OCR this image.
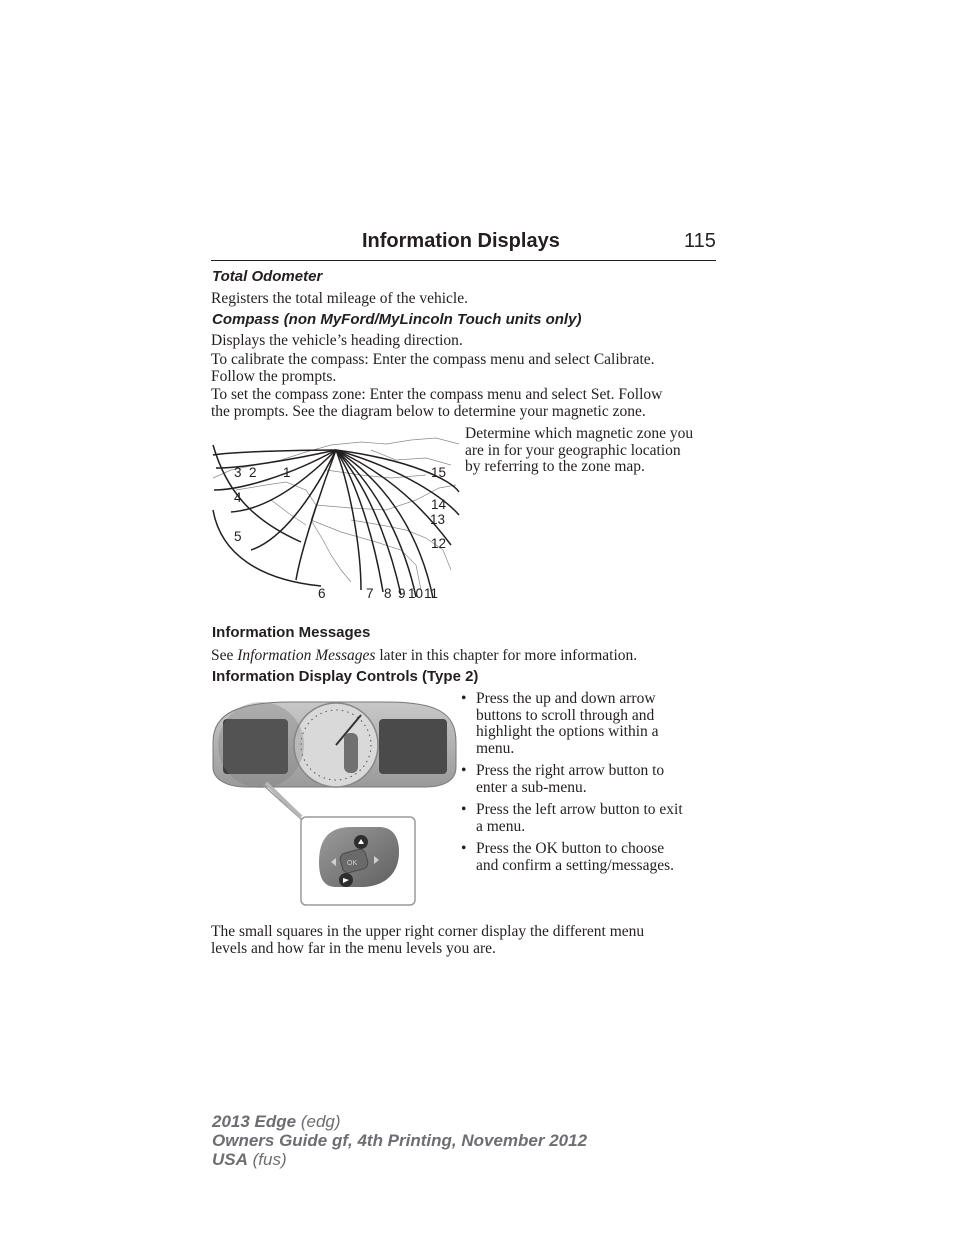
Information Displays	115
Total Odometer
Registers the total mileage of the vehicle.
Compass (non MyFord/MyLincoln Touch units only)
Displays the vehicle’s heading direction.
To calibrate the compass: Enter the compass menu and select Calibrate.
Follow the prompts.
To set the compass zone: Enter the compass menu and select Set. Follow
the prompts. See the diagram below to determine your magnetic zone.
1
2
3
4
5
6	7 8 9 10 11
12
13
14
15
Determine which magnetic zone you
are in for your geographic location
by referring to the zone map.
Information Messages
See Information Messages later in this chapter for more information.
Information Display Controls (Type 2)
OK
• Press the up and down arrow
buttons to scroll through and
highlight the options within a
menu.
• Press the right arrow button to
enter a sub-menu.
• Press the left arrow button to exit
a menu.
• Press the OK button to choose
and confirm a setting/messages.
The small squares in the upper right corner display the different menu
levels and how far in the menu levels you are.
2013 Edge (edg)
Owners Guide gf, 4th Printing, November 2012
USA (fus)
